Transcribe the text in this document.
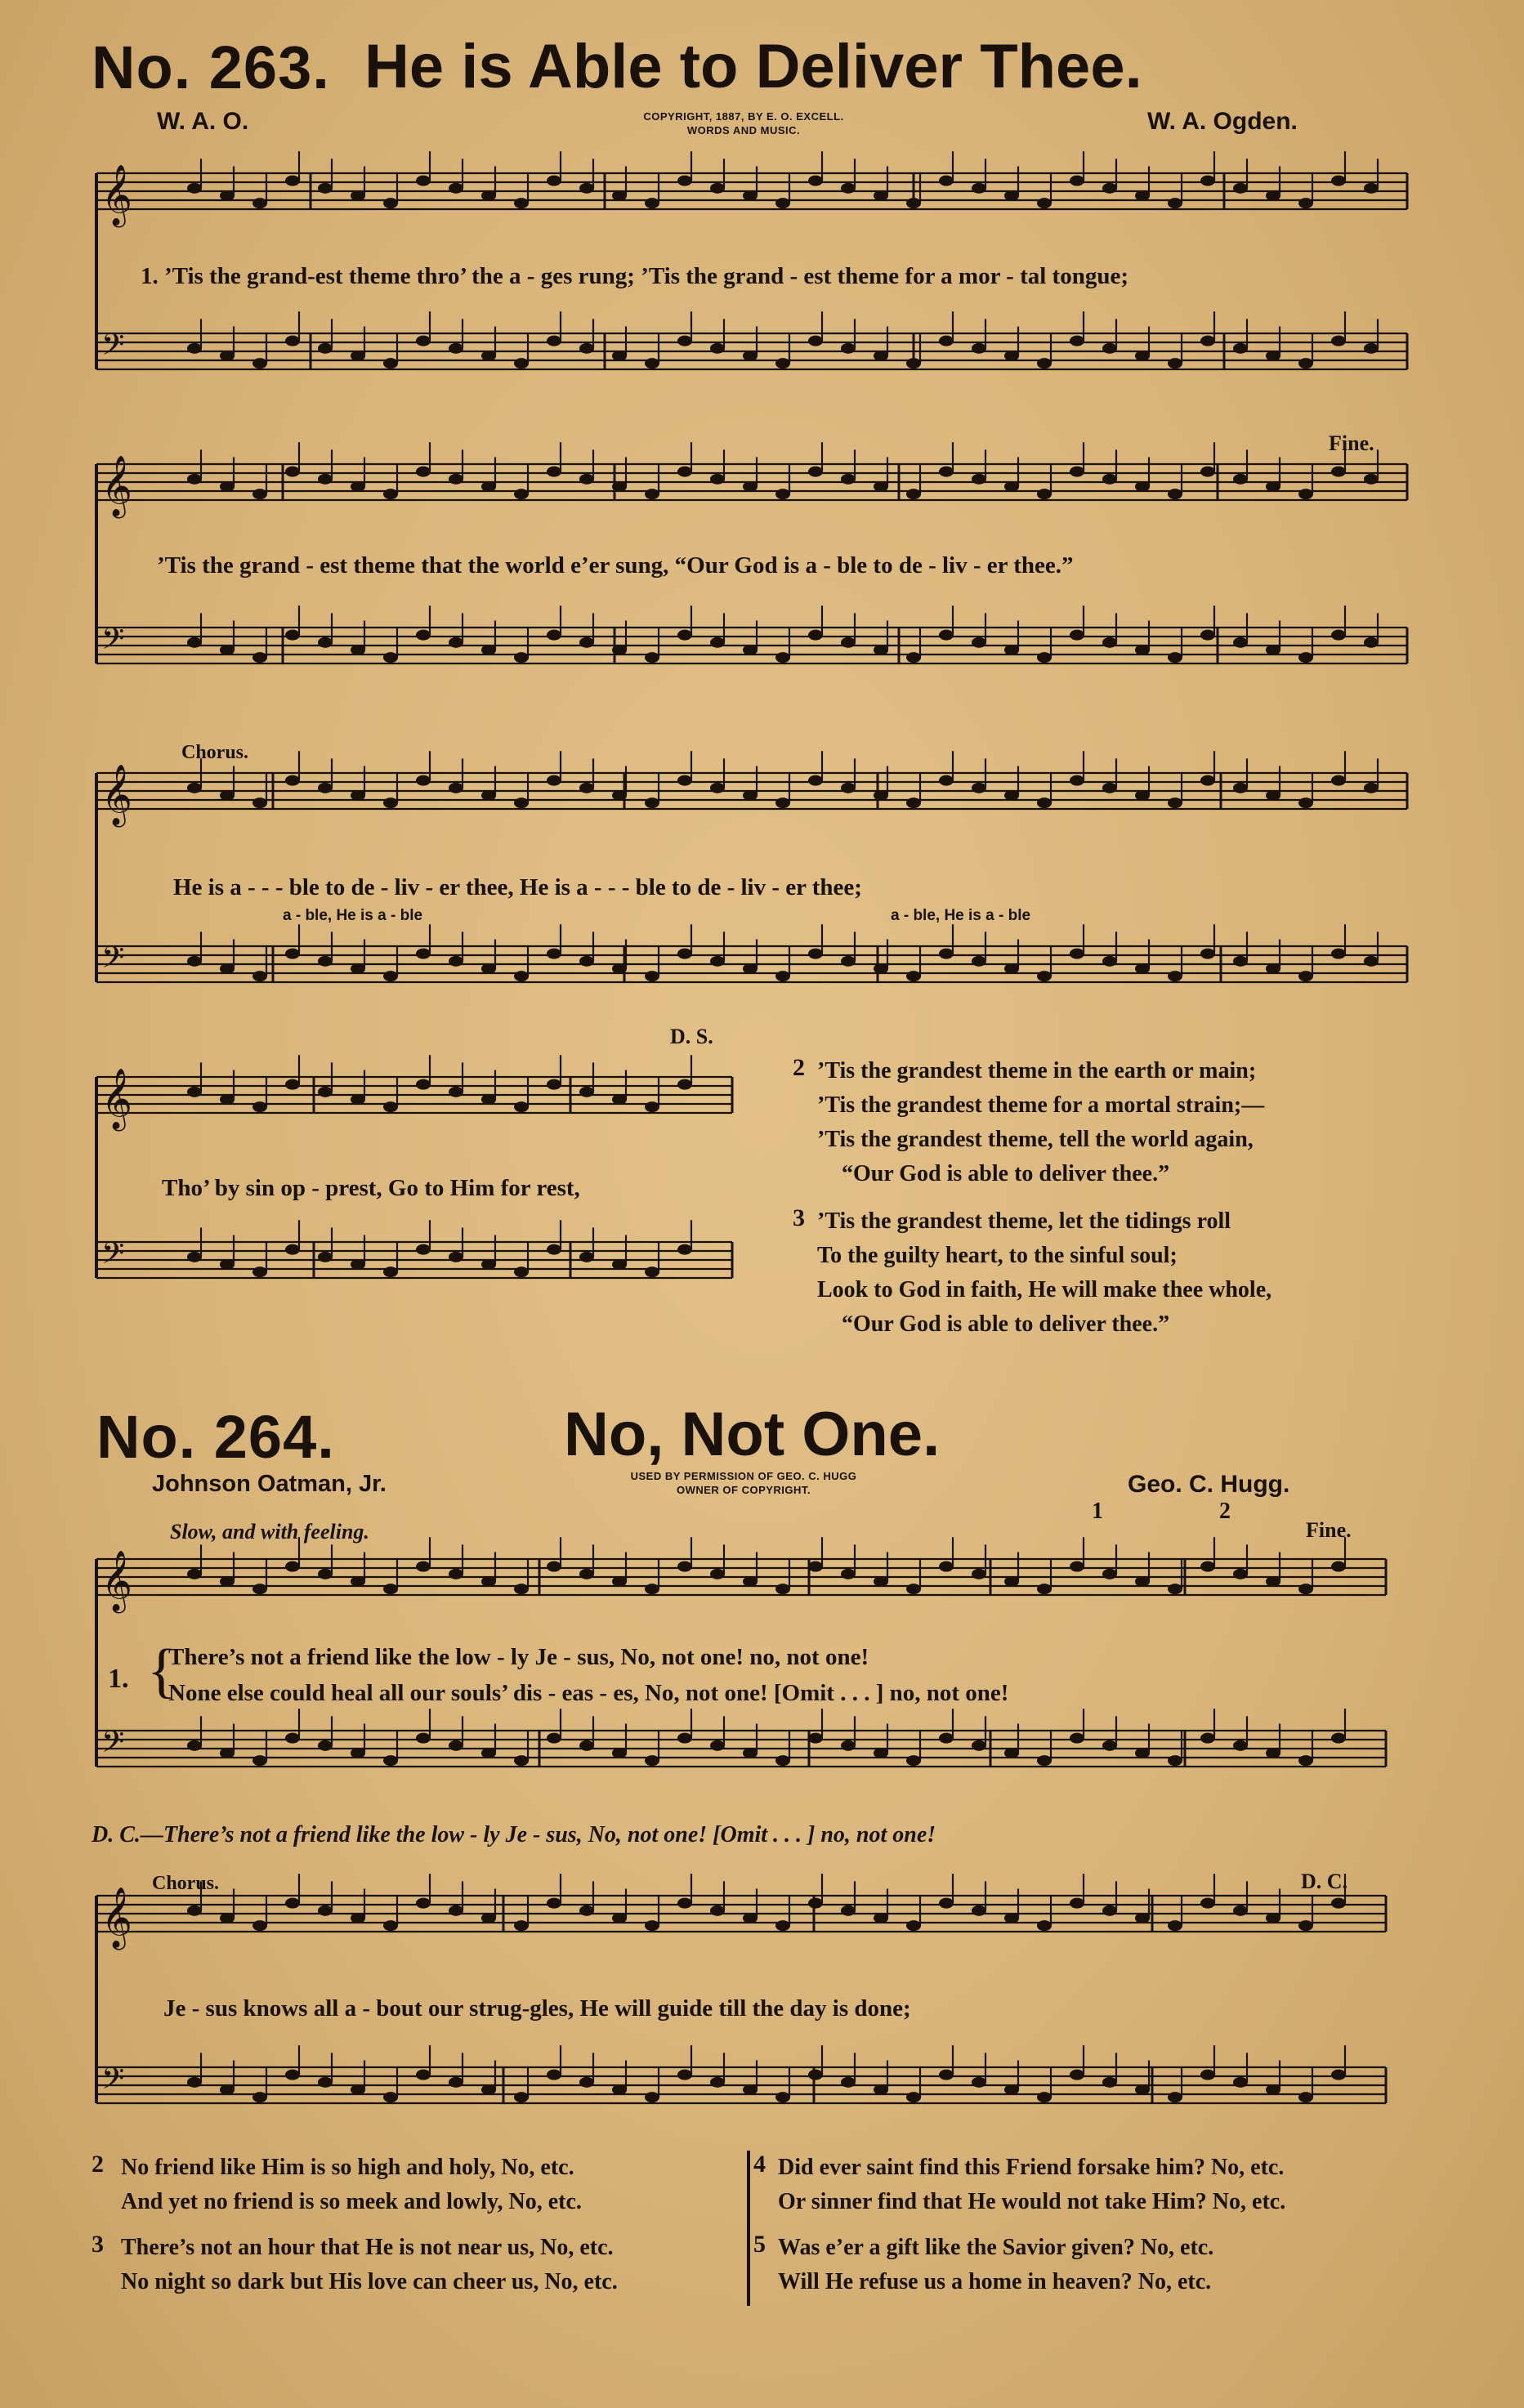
No. 263. He is Able to Deliver Thee.
W. A. O.	COPYRIGHT, 1887, BY E. O. EXCELL.
WORDS AND MUSIC.	W. A. Ogden.
𝄞
𝄢
𝄞
𝄢
𝄞
𝄢
𝄞
𝄢
𝄞
𝄢
𝄞
𝄢
1. ’Tis the grand-est theme thro’ the a - ges rung; ’Tis the grand - est theme for a mor - tal tongue;
Fine.
’Tis the grand - est theme that the world e’er sung, “Our God is a - ble to de - liv - er thee.”
Chorus.
He is a - - - ble to de - liv - er thee, He is a - - - ble to de - liv - er thee;
a - ble, He is a - ble	a - ble, He is a - ble
D. S.
Tho’ by sin op - prest, Go to Him for rest,
2 ’Tis the grandest theme in the earth or main;
’Tis the grandest theme for a mortal strain;—
’Tis the grandest theme, tell the world again,
“Our God is able to deliver thee.”
3 ’Tis the grandest theme, let the tidings roll
To the guilty heart, to the sinful soul;
Look to God in faith, He will make thee whole,
“Our God is able to deliver thee.”
No. 264.	No, Not One.
Johnson Oatman, Jr.	USED BY PERMISSION OF GEO. C. HUGG
OWNER OF COPYRIGHT.	Geo. C. Hugg.
Slow, and with feeling.
1	2
Fine.
1. {
There’s not a friend like the low - ly Je - sus, No, not one! no, not one!
None else could heal all our souls’ dis - eas - es, No, not one! [Omit . . . ] no, not one!
D. C.—There’s not a friend like the low - ly Je - sus, No, not one! [Omit . . . ] no, not one!
Chorus.	D. C.
Je - sus knows all a - bout our strug-gles, He will guide till the day is done;
2 No friend like Him is so high and holy, No, etc.
And yet no friend is so meek and lowly, No, etc.
3 There’s not an hour that He is not near us, No, etc.
No night so dark but His love can cheer us, No, etc.
4 Did ever saint find this Friend forsake him? No, etc.
Or sinner find that He would not take Him? No, etc.
5 Was e’er a gift like the Savior given? No, etc.
Will He refuse us a home in heaven? No, etc.
